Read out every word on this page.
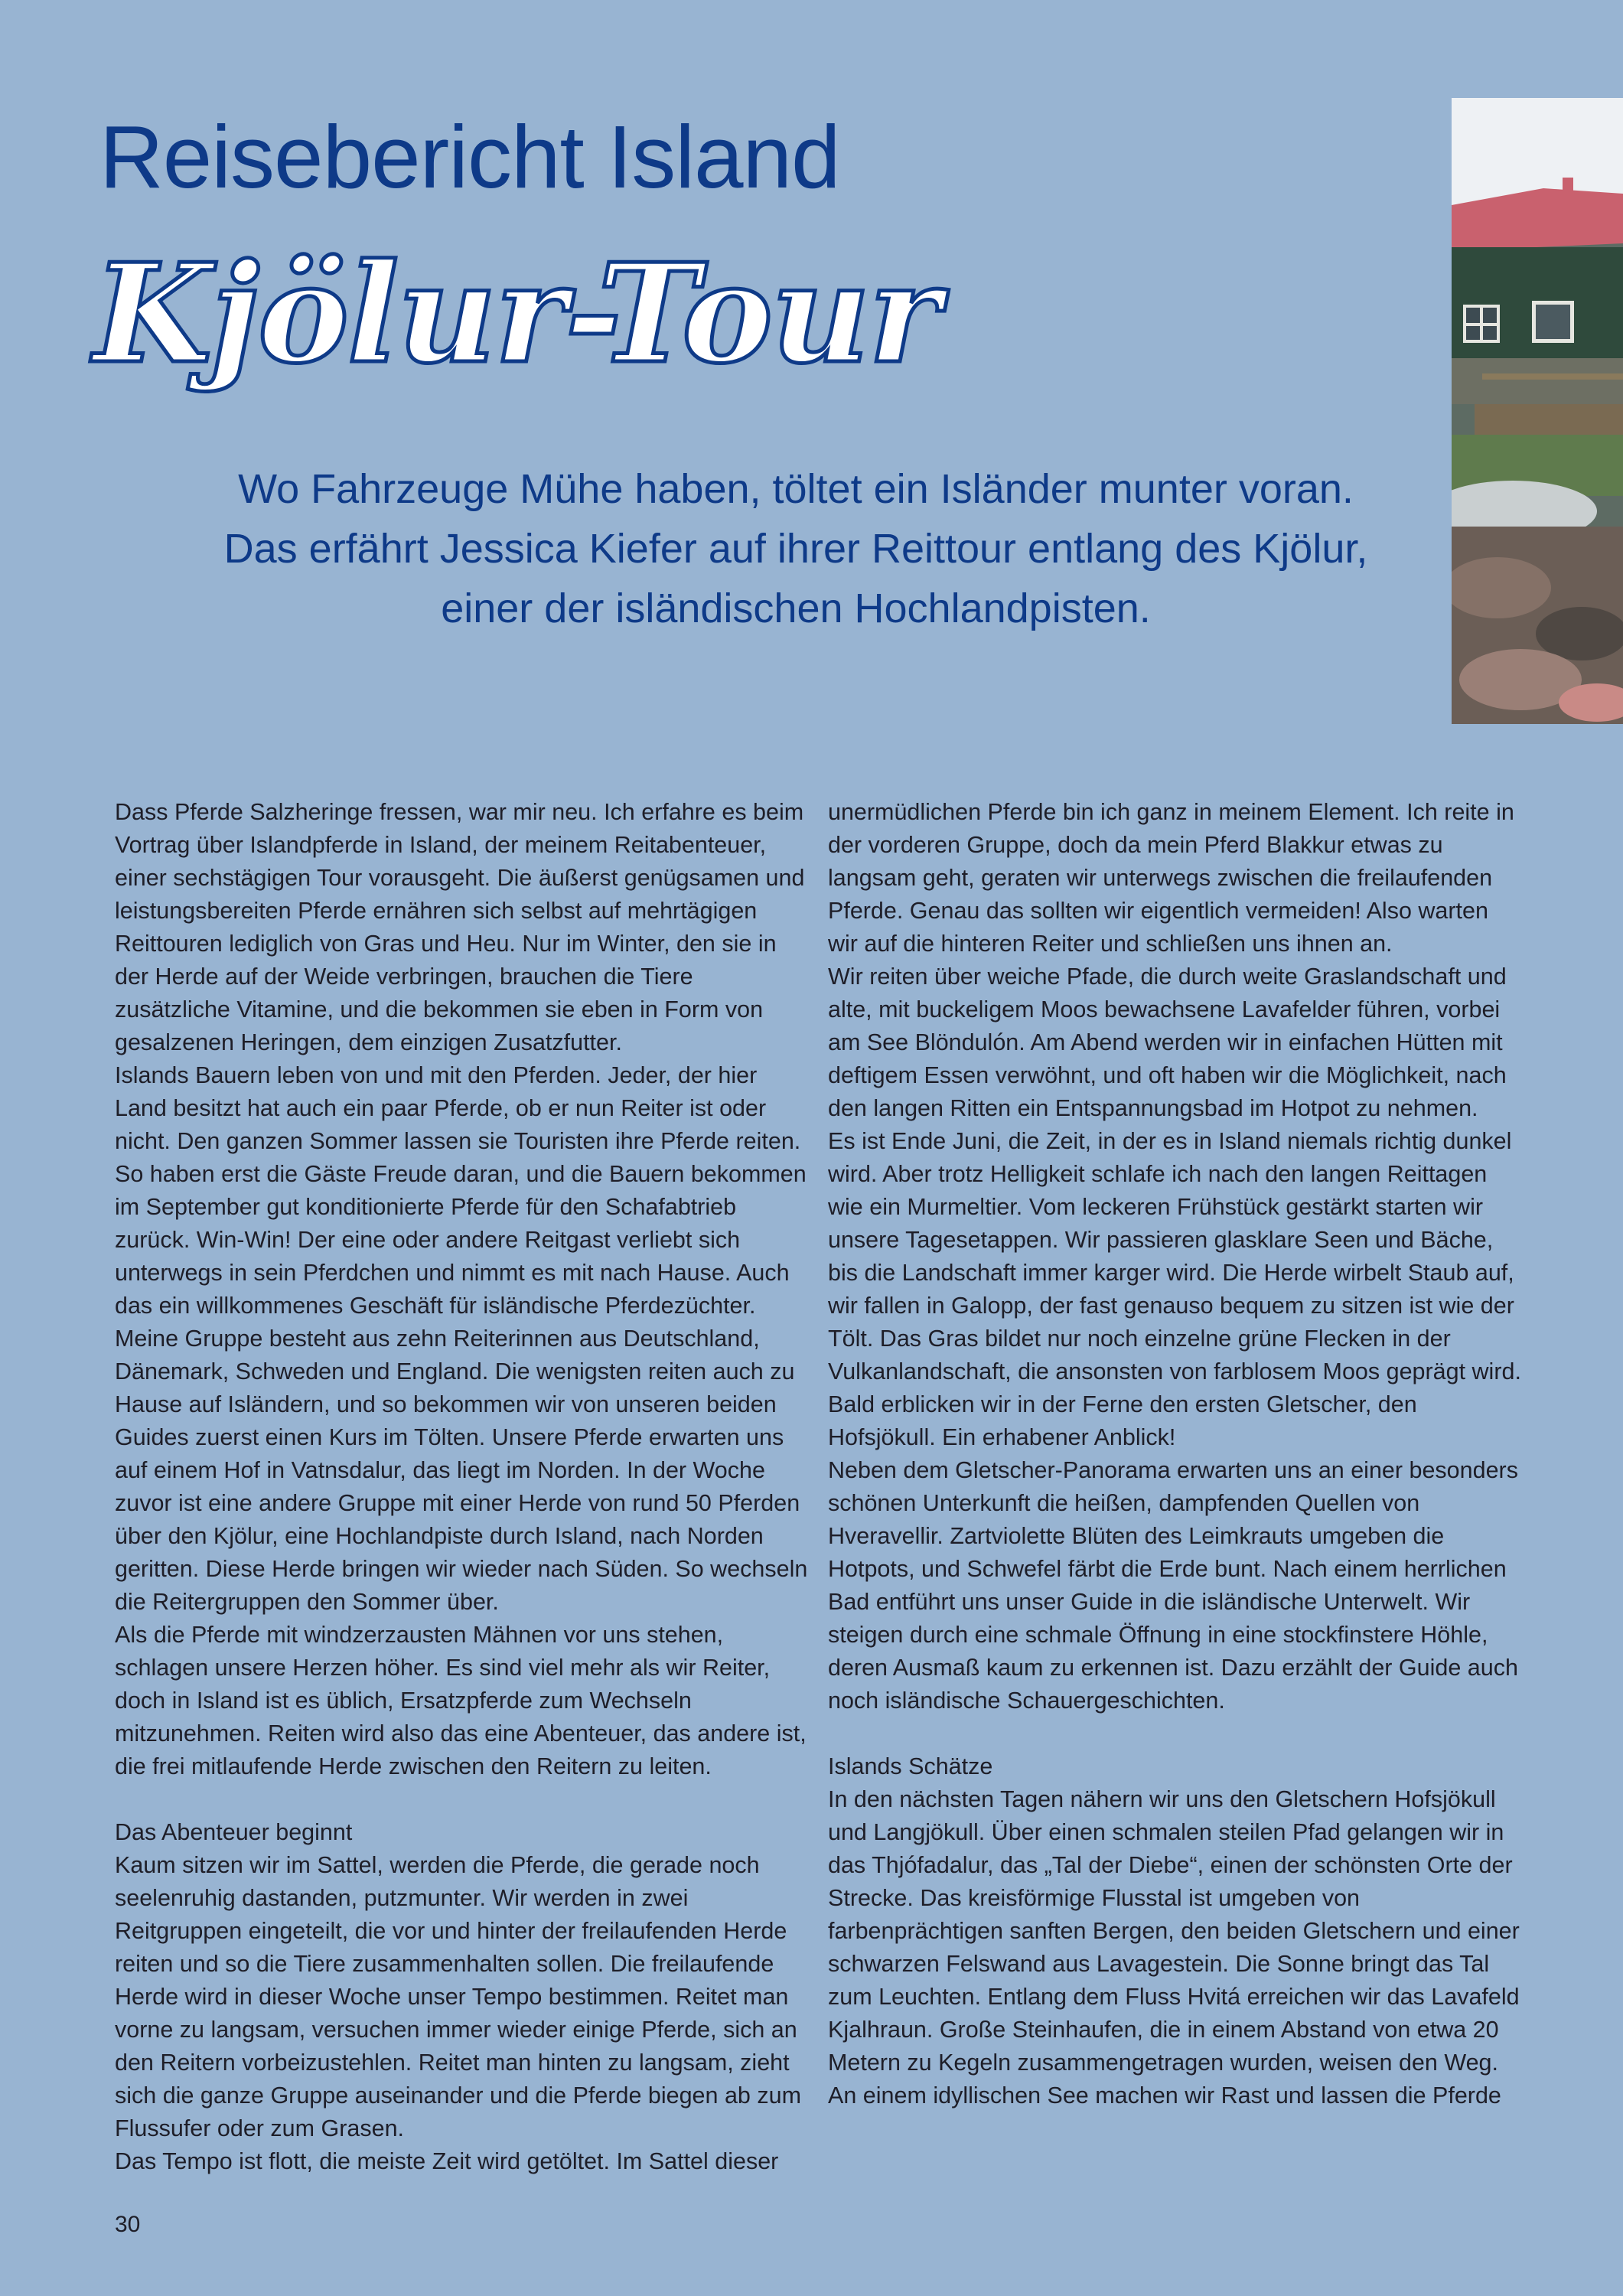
Reisebericht Island
Kjölur-Tour

Wo Fahrzeuge Mühe haben, töltet ein Isländer munter voran. Das erfährt Jessica Kiefer auf ihrer Reittour entlang des Kjölur, einer der isländischen Hochlandpisten.

Dass Pferde Salzheringe fressen, war mir neu. Ich erfahre es beim Vortrag über Islandpferde in Island, der meinem Reitabenteuer, einer sechstägigen Tour vorausgeht. Die äußerst genügsamen und leistungsbereiten Pferde ernähren sich selbst auf mehrtägigen Reittouren lediglich von Gras und Heu. Nur im Winter, den sie in der Herde auf der Weide verbringen, brauchen die Tiere zusätzliche Vitamine, und die bekommen sie eben in Form von gesalzenen Heringen, dem einzigen Zusatzfutter.

Islands Bauern leben von und mit den Pferden. Jeder, der hier Land besitzt hat auch ein paar Pferde, ob er nun Reiter ist oder nicht. Den ganzen Sommer lassen sie Touristen ihre Pferde reiten. So haben erst die Gäste Freude daran, und die Bauern bekommen im September gut konditionierte Pferde für den Schafabtrieb zurück. Win-Win! Der eine oder andere Reitgast verliebt sich unterwegs in sein Pferdchen und nimmt es mit nach Hause. Auch das ein willkommenes Geschäft für isländische Pferdezüchter.

Meine Gruppe besteht aus zehn Reiterinnen aus Deutschland, Dänemark, Schweden und England. Die wenigsten reiten auch zu Hause auf Isländern, und so bekommen wir von unseren beiden Guides zuerst einen Kurs im Tölten. Unsere Pferde erwarten uns auf einem Hof in Vatnsdalur, das liegt im Norden. In der Woche zuvor ist eine andere Gruppe mit einer Herde von rund 50 Pferden über den Kjölur, eine Hochlandpiste durch Island, nach Norden geritten. Diese Herde bringen wir wieder nach Süden. So wechseln die Reitergruppen den Sommer über.

Als die Pferde mit windzerzausten Mähnen vor uns stehen, schlagen unsere Herzen höher. Es sind viel mehr als wir Reiter, doch in Island ist es üblich, Ersatzpferde zum Wechseln mitzunehmen. Reiten wird also das eine Abenteuer, das andere ist, die frei mitlaufende Herde zwischen den Reitern zu leiten.

Das Abenteuer beginnt

Kaum sitzen wir im Sattel, werden die Pferde, die gerade noch seelenruhig dastanden, putzmunter. Wir werden in zwei Reitgruppen eingeteilt, die vor und hinter der freilaufenden Herde reiten und so die Tiere zusammenhalten sollen. Die freilaufende Herde wird in dieser Woche unser Tempo bestimmen. Reitet man vorne zu langsam, versuchen immer wieder einige Pferde, sich an den Reitern vorbeizustehlen. Reitet man hinten zu langsam, zieht sich die ganze Gruppe auseinander und die Pferde biegen ab zum Flussufer oder zum Grasen.

Das Tempo ist flott, die meiste Zeit wird getöltet. Im Sattel dieser

unermüdlichen Pferde bin ich ganz in meinem Element. Ich reite in der vorderen Gruppe, doch da mein Pferd Blakkur etwas zu langsam geht, geraten wir unterwegs zwischen die freilaufenden Pferde. Genau das sollten wir eigentlich vermeiden! Also warten wir auf die hinteren Reiter und schließen uns ihnen an.

Wir reiten über weiche Pfade, die durch weite Graslandschaft und alte, mit buckeligem Moos bewachsene Lavafelder führen, vorbei am See Blöndulón. Am Abend werden wir in einfachen Hütten mit deftigem Essen verwöhnt, und oft haben wir die Möglichkeit, nach den langen Ritten ein Entspannungsbad im Hotpot zu nehmen.

Es ist Ende Juni, die Zeit, in der es in Island niemals richtig dunkel wird. Aber trotz Helligkeit schlafe ich nach den langen Reittagen wie ein Murmeltier. Vom leckeren Frühstück gestärkt starten wir unsere Tagesetappen. Wir passieren glasklare Seen und Bäche, bis die Landschaft immer karger wird. Die Herde wirbelt Staub auf, wir fallen in Galopp, der fast genauso bequem zu sitzen ist wie der Tölt. Das Gras bildet nur noch einzelne grüne Flecken in der Vulkanlandschaft, die ansonsten von farblosem Moos geprägt wird. Bald erblicken wir in der Ferne den ersten Gletscher, den Hofsjökull. Ein erhabener Anblick!

Neben dem Gletscher-Panorama erwarten uns an einer besonders schönen Unterkunft die heißen, dampfenden Quellen von Hveravellir. Zartviolette Blüten des Leimkrauts umgeben die Hotpots, und Schwefel färbt die Erde bunt. Nach einem herrlichen Bad entführt uns unser Guide in die isländische Unterwelt. Wir steigen durch eine schmale Öffnung in eine stockfinstere Höhle, deren Ausmaß kaum zu erkennen ist. Dazu erzählt der Guide auch noch isländische Schauergeschichten.

Islands Schätze

In den nächsten Tagen nähern wir uns den Gletschern Hofsjökull und Langjökull. Über einen schmalen steilen Pfad gelangen wir in das Thjófadalur, das „Tal der Diebe“, einen der schönsten Orte der Strecke. Das kreisförmige Flusstal ist umgeben von farbenprächtigen sanften Bergen, den beiden Gletschern und einer schwarzen Felswand aus Lavagestein. Die Sonne bringt das Tal zum Leuchten. Entlang dem Fluss Hvitá erreichen wir das Lavafeld Kjalhraun. Große Steinhaufen, die in einem Abstand von etwa 20 Metern zu Kegeln zusammengetragen wurden, weisen den Weg.

An einem idyllischen See machen wir Rast und lassen die Pferde

30
